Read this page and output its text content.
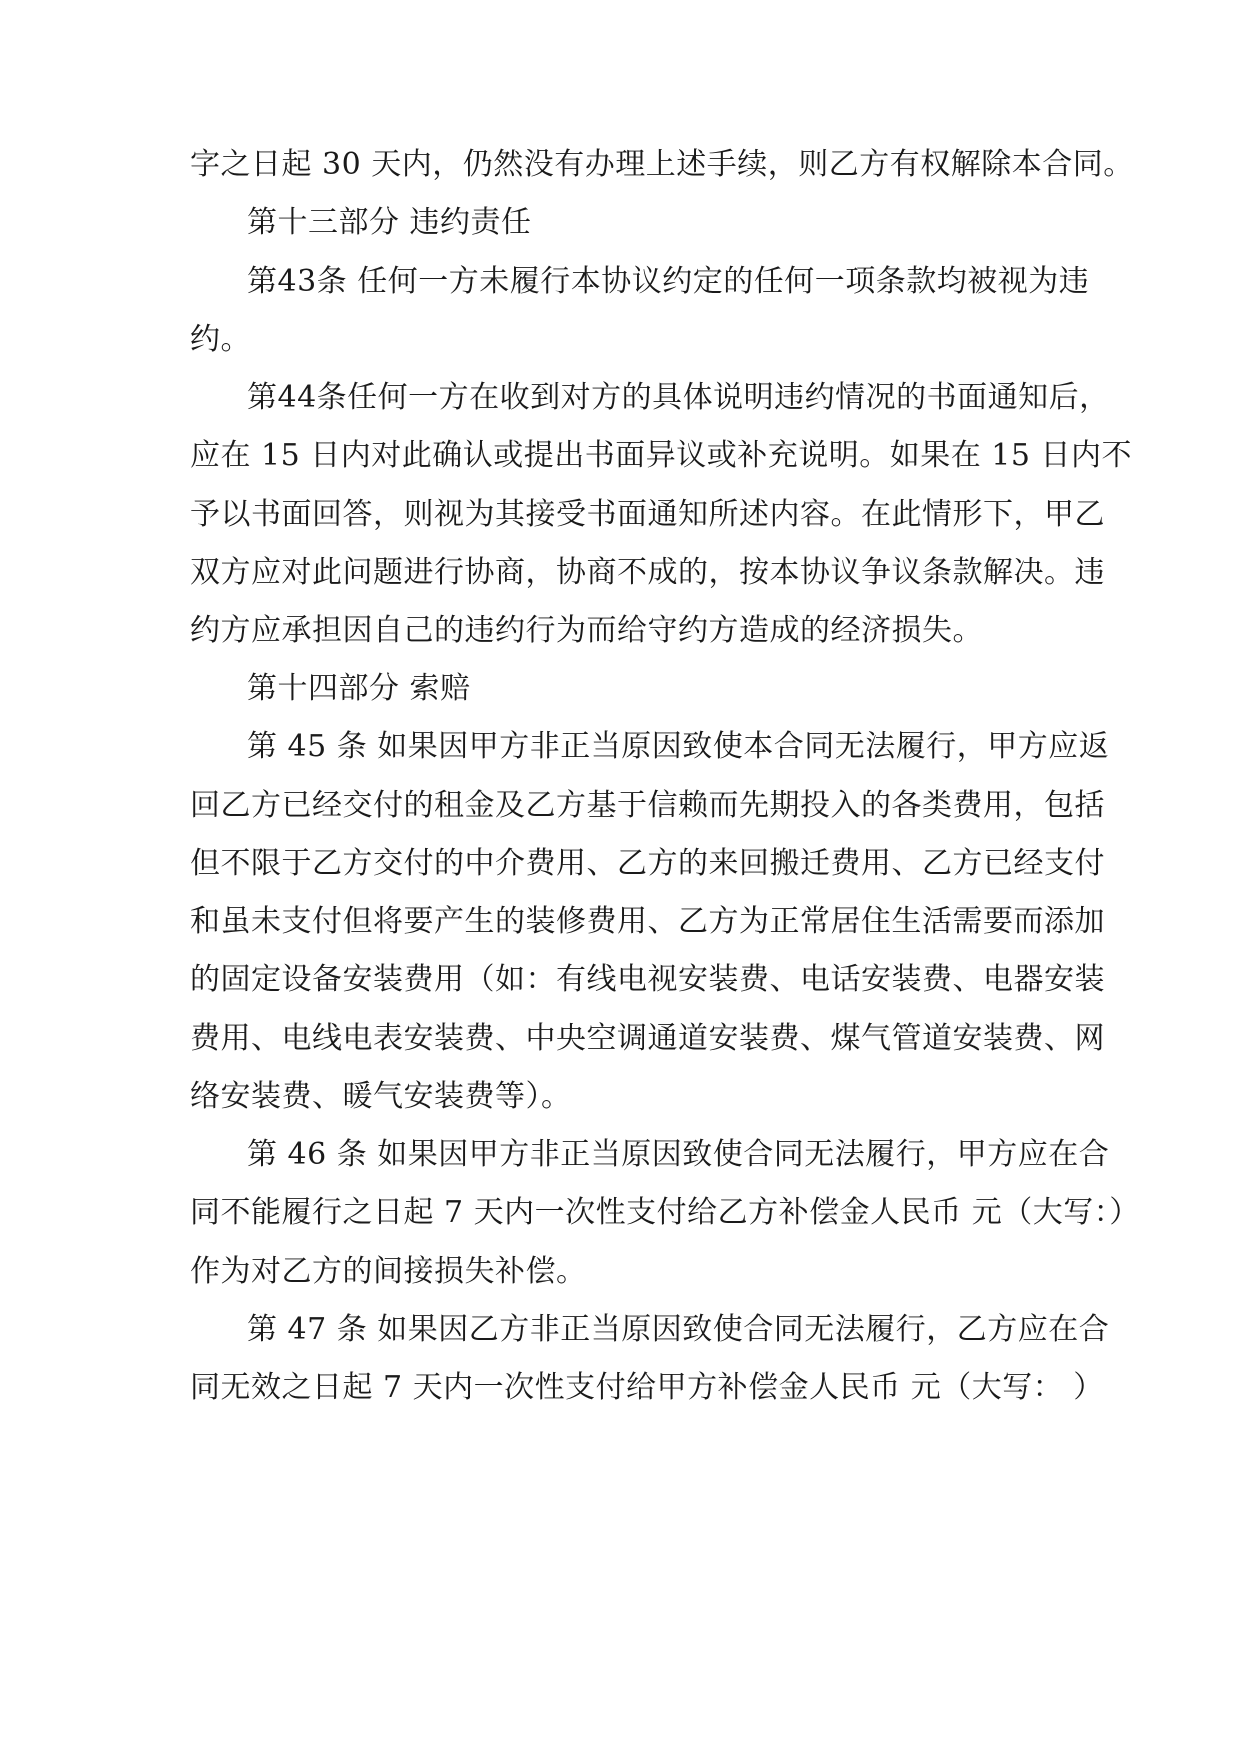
字之日起 30 天内，仍然没有办理上述手续，则乙方有权解除本合同。
第十三部分 违约责任
第43条 任何一方未履行本协议约定的任何一项条款均被视为违
约。
第44条任何一方在收到对方的具体说明违约情况的书面通知后，
应在 15 日内对此确认或提出书面异议或补充说明。如果在 15 日内不
予以书面回答，则视为其接受书面通知所述内容。在此情形下，甲乙
双方应对此问题进行协商，协商不成的，按本协议争议条款解决。违
约方应承担因自己的违约行为而给守约方造成的经济损失。
第十四部分 索赔
第 45 条 如果因甲方非正当原因致使本合同无法履行，甲方应返
回乙方已经交付的租金及乙方基于信赖而先期投入的各类费用，包括
但不限于乙方交付的中介费用、乙方的来回搬迁费用、乙方已经支付
和虽未支付但将要产生的装修费用、乙方为正常居住生活需要而添加
的固定设备安装费用（如：有线电视安装费、电话安装费、电器安装
费用、电线电表安装费、中央空调通道安装费、煤气管道安装费、网
络安装费、暖气安装费等）。
第 46 条 如果因甲方非正当原因致使合同无法履行，甲方应在合
同不能履行之日起 7 天内一次性支付给乙方补偿金人民币 元（大写：）
作为对乙方的间接损失补偿。
第 47 条 如果因乙方非正当原因致使合同无法履行，乙方应在合
同无效之日起 7 天内一次性支付给甲方补偿金人民币 元（大写： ）
